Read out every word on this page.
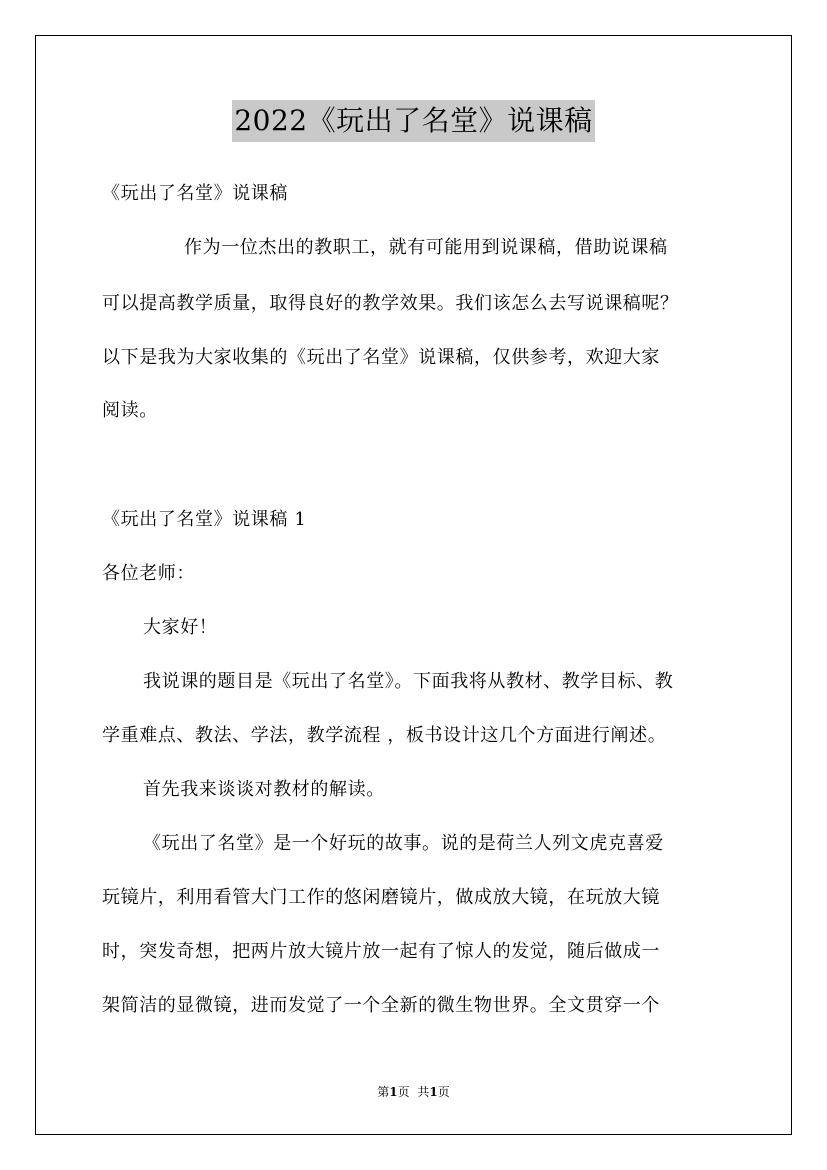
2022《玩出了名堂》说课稿
《玩出了名堂》说课稿
作为一位杰出的教职工，就有可能用到说课稿，借助说课稿
可以提高教学质量，取得良好的教学效果。我们该怎么去写说课稿呢？
以下是我为大家收集的《玩出了名堂》说课稿，仅供参考，欢迎大家
阅读。
《玩出了名堂》说课稿 1
各位老师：
大家好！
我说课的题目是《玩出了名堂》。下面我将从教材、教学目标、教
学重难点、教法、学法，教学流程 ，板书设计这几个方面进行阐述。
首先我来谈谈对教材的解读。
《玩出了名堂》是一个好玩的故事。说的是荷兰人列文虎克喜爱
玩镜片，利用看管大门工作的悠闲磨镜片，做成放大镜，在玩放大镜
时，突发奇想，把两片放大镜片放一起有了惊人的发觉，随后做成一
架简洁的显微镜，进而发觉了一个全新的微生物世界。全文贯穿一个
第1页 共1页
